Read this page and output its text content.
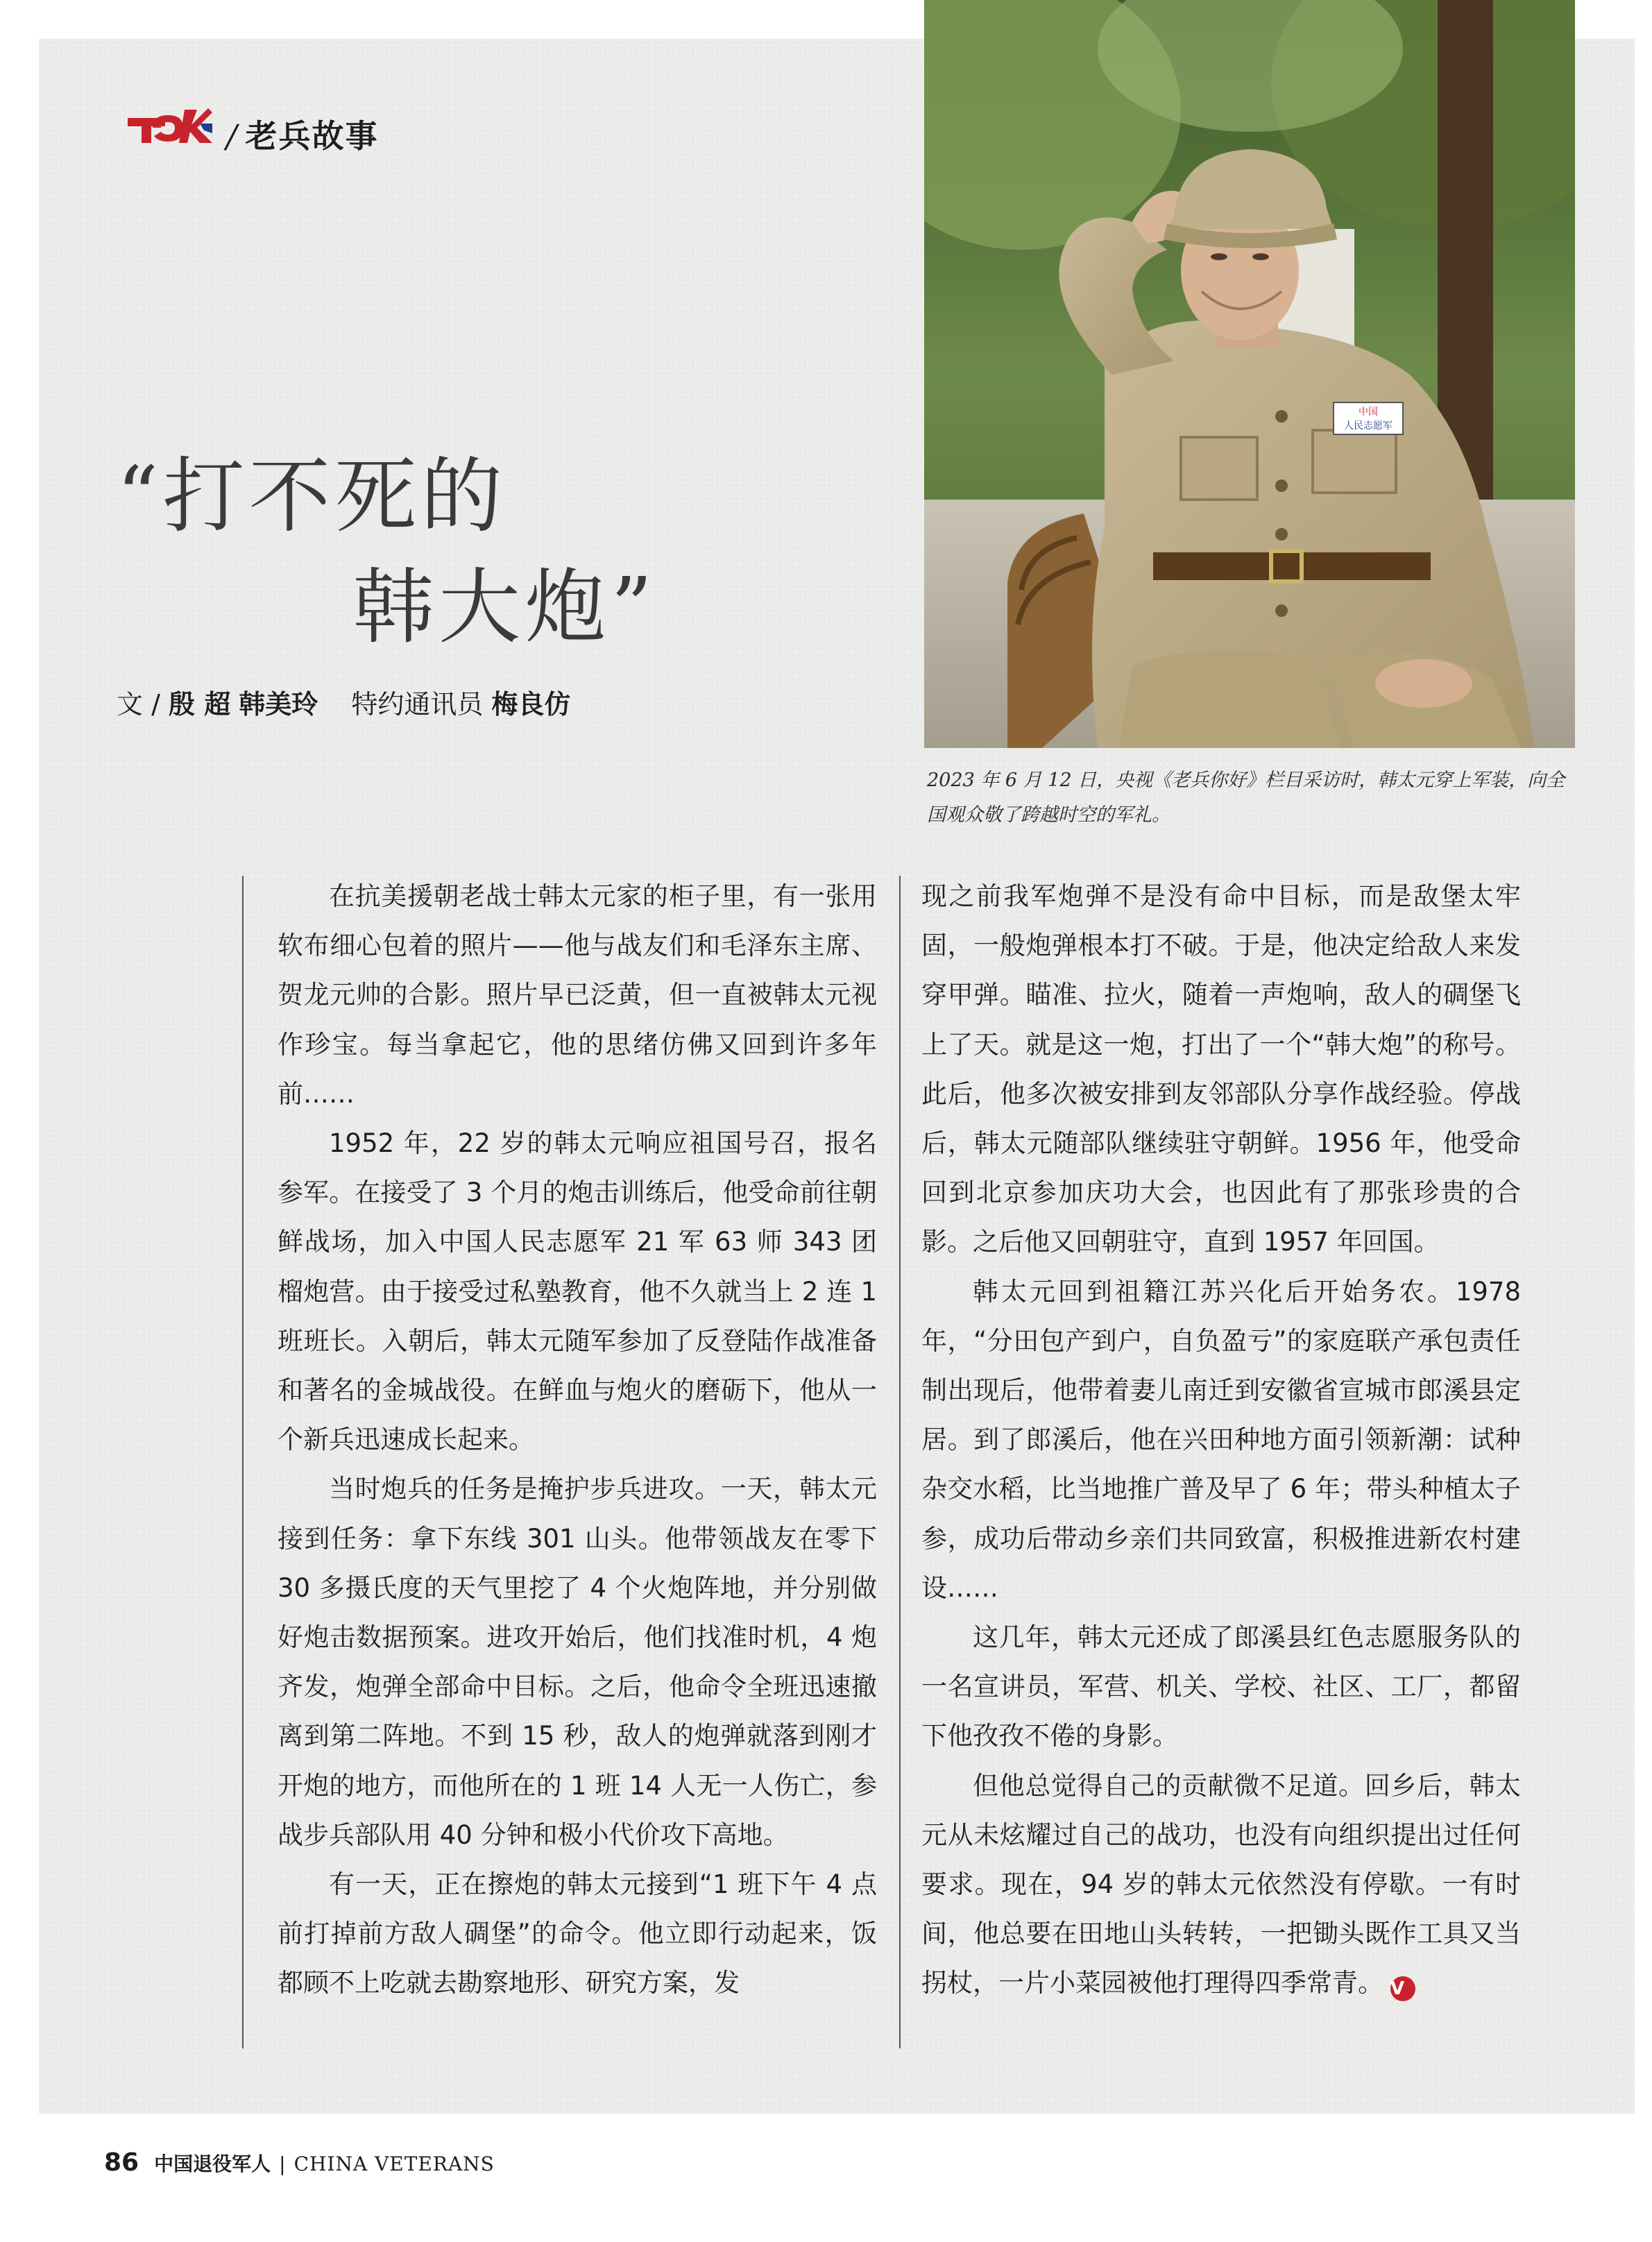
/ 老兵故事
“打不死的
韩大炮”
文 / 殷 超 韩美玲 特约通讯员 梅良仿
中国
人民志愿军
2023 年 6 月 12 日，央视《老兵你好》栏目采访时，韩太元穿上军装，向全国观众敬了跨越时空的军礼。

在抗美援朝老战士韩太元家的柜子里，有一张用软布细心包着的照片——他与战友们和毛泽东主席、贺龙元帅的合影。照片早已泛黄，但一直被韩太元视作珍宝。每当拿起它，他的思绪仿佛又回到许多年前……

1952 年，22 岁的韩太元响应祖国号召，报名参军。在接受了 3 个月的炮击训练后，他受命前往朝鲜战场，加入中国人民志愿军 21 军 63 师 343 团榴炮营。由于接受过私塾教育，他不久就当上 2 连 1 班班长。入朝后，韩太元随军参加了反登陆作战准备和著名的金城战役。在鲜血与炮火的磨砺下，他从一个新兵迅速成长起来。

当时炮兵的任务是掩护步兵进攻。一天，韩太元接到任务：拿下东线 301 山头。他带领战友在零下 30 多摄氏度的天气里挖了 4 个火炮阵地，并分别做好炮击数据预案。进攻开始后，他们找准时机，4 炮齐发，炮弹全部命中目标。之后，他命令全班迅速撤离到第二阵地。不到 15 秒，敌人的炮弹就落到刚才开炮的地方，而他所在的 1 班 14 人无一人伤亡，参战步兵部队用 40 分钟和极小代价攻下高地。

有一天，正在擦炮的韩太元接到“1 班下午 4 点前打掉前方敌人碉堡”的命令。他立即行动起来，饭都顾不上吃就去勘察地形、研究方案，发

现之前我军炮弹不是没有命中目标，而是敌堡太牢固，一般炮弹根本打不破。于是，他决定给敌人来发穿甲弹。瞄准、拉火，随着一声炮响，敌人的碉堡飞上了天。就是这一炮，打出了一个“韩大炮”的称号。此后，他多次被安排到友邻部队分享作战经验。停战后，韩太元随部队继续驻守朝鲜。1956 年，他受命回到北京参加庆功大会，也因此有了那张珍贵的合影。之后他又回朝驻守，直到 1957 年回国。

韩太元回到祖籍江苏兴化后开始务农。1978 年，“分田包产到户，自负盈亏”的家庭联产承包责任制出现后，他带着妻儿南迁到安徽省宣城市郎溪县定居。到了郎溪后，他在兴田种地方面引领新潮：试种杂交水稻，比当地推广普及早了 6 年；带头种植太子参，成功后带动乡亲们共同致富，积极推进新农村建设……

这几年，韩太元还成了郎溪县红色志愿服务队的一名宣讲员，军营、机关、学校、社区、工厂，都留下他孜孜不倦的身影。

但他总觉得自己的贡献微不足道。回乡后，韩太元从未炫耀过自己的战功，也没有向组织提出过任何要求。现在，94 岁的韩太元依然没有停歇。一有时间，他总要在田地山头转转，一把锄头既作工具又当拐杖，一片小菜园被他打理得四季常青。 V

86 中国退役军人 | CHINA VETERANS
